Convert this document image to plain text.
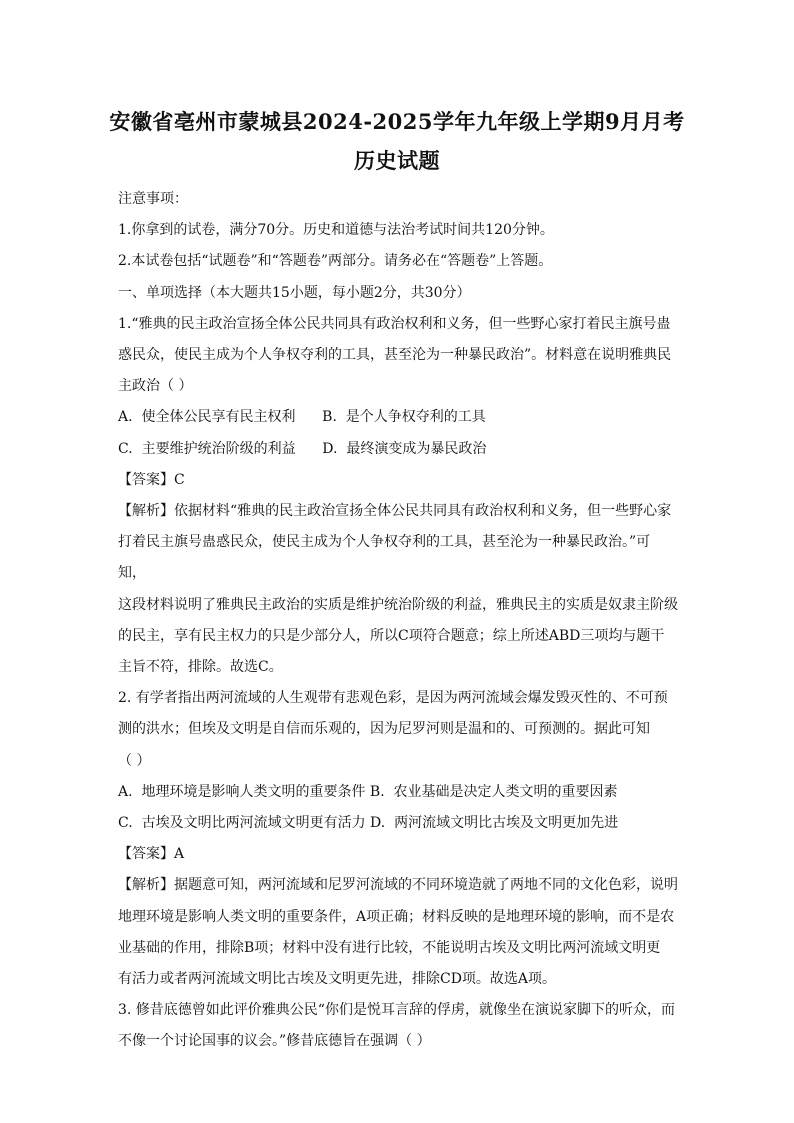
安徽省亳州市蒙城县2024-2025学年九年级上学期9月月考
历史试题

注意事项：

1.你拿到的试卷，满分70分。历史和道德与法治考试时间共120分钟。

2.本试卷包括“试题卷”和“答题卷”两部分。请务必在“答题卷”上答题。

一、单项选择（本大题共15小题，每小题2分，共30分）

1.“雅典的民主政治宣扬全体公民共同具有政治权利和义务，但一些野心家打着民主旗号蛊

惑民众，使民主成为个人争权夺利的工具，甚至沦为一种暴民政治”。材料意在说明雅典民

主政治（ ）

A.  使全体公民享有民主权利      B.  是个人争权夺利的工具

C.  主要维护统治阶级的利益      D.  最终演变成为暴民政治

【答案】C

【解析】依据材料“雅典的民主政治宣扬全体公民共同具有政治权利和义务，但一些野心家

打着民主旗号蛊惑民众，使民主成为个人争权夺利的工具，甚至沦为一种暴民政治。”可知，

这段材料说明了雅典民主政治的实质是维护统治阶级的利益，雅典民主的实质是奴隶主阶级

的民主，享有民主权力的只是少部分人，所以C项符合题意；综上所述ABD三项均与题干

主旨不符，排除。故选C。

2. 有学者指出两河流域的人生观带有悲观色彩，是因为两河流域会爆发毁灭性的、不可预

测的洪水；但埃及文明是自信而乐观的，因为尼罗河则是温和的、可预测的。据此可知

（ ）

A.  地理环境是影响人类文明的重要条件 B.  农业基础是决定人类文明的重要因素

C.  古埃及文明比两河流域文明更有活力 D.  两河流域文明比古埃及文明更加先进

【答案】A

【解析】据题意可知，两河流域和尼罗河流域的不同环境造就了两地不同的文化色彩，说明

地理环境是影响人类文明的重要条件，A项正确；材料反映的是地理环境的影响，而不是农

业基础的作用，排除B项；材料中没有进行比较，不能说明古埃及文明比两河流域文明更

有活力或者两河流域文明比古埃及文明更先进，排除CD项。故选A项。

3. 修昔底德曾如此评价雅典公民“你们是悦耳言辞的俘虏，就像坐在演说家脚下的听众，而

不像一个讨论国事的议会。”修昔底德旨在强调（ ）
